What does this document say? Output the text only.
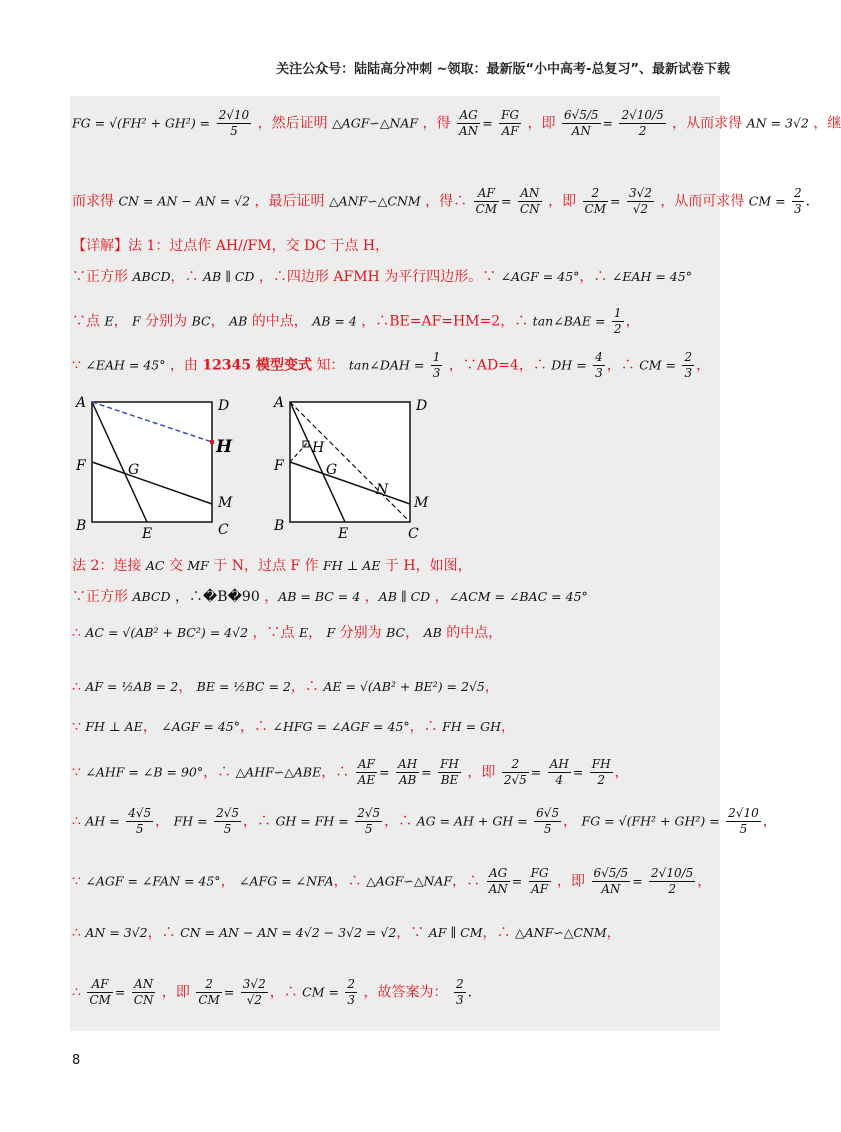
关注公众号：陆陆高分冲刺 ~领取：最新版“小中高考-总复习”、最新试卷下载
FG = $√(FH^2 + GH^2) = \frac{2√10}{5}$ ，然后证明 △AGF∽△NAF ，得 $\frac{AG}{AN} = \frac{FG}{AF}$ ，即 $\frac{6√5/5}{AN} = \frac{2√10/5}{2}$ ，从而求得 AN = 3√2 ，继
而求得 CN = AN − AN = √2 ，最后证明 △ANF∽△CNM ，得∴ $\frac{AF}{CM} = \frac{AN}{CN}$ ，即 $\frac{2}{CM} = \frac{3√2}{√2}$ ，从而可求得 CM = $\frac{2}{3}$ .
【详解】法 1：过点作 AH//FM，交 DC 于点 H，
∵正方形 ABCD，∴ AB ∥ CD ，∴四边形 AFMH 为平行四边形。∵ ∠AGF = 45°，∴ ∠EAH = 45°
∵点 E， F 分别为 BC， AB 的中点， AB = 4 ，∴BE=AF=HM=2，∴ tan∠BAE = $\frac{1}{2}$ ，
∵ ∠EAH = 45° ，由 12345 模型变式 知： tan∠DAH = $\frac{1}{3}$ ，∵AD=4，∴ DH = $\frac{4}{3}$ ，∴ CM = $\frac{2}{3}$ ，
A	D
H
F	G
M
B	E	C
A	D
H
F	G
N
M
B	E	C
法 2：连接 AC 交 MF 于 N，过点 F 作 FH ⊥ AE 于 H，如图，
∵正方形 ABCD ，∴�B�90 ，AB = BC = 4 ，AB ∥ CD ，∠ACM = ∠BAC = 45°
∴ AC = √(AB² + BC²) = 4√2 ，∵点 E， F 分别为 BC， AB 的中点，
∴ AF = ½AB = 2， BE = ½BC = 2，∴ AE = √(AB² + BE²) = 2√5，
∵ FH ⊥ AE， ∠AGF = 45°，∴ ∠HFG = ∠AGF = 45°，∴ FH = GH，
∵ ∠AHF = ∠B = 90°，∴ △AHF∽△ABE，∴ $\frac{AF}{AE} = \frac{AH}{AB} = \frac{FH}{BE}$ ，即 $\frac{2}{2√5} = \frac{AH}{4} = \frac{FH}{2}$ ，
∴ AH = $\frac{4√5}{5}$ ， FH = $\frac{2√5}{5}$ ，∴ GH = FH = $\frac{2√5}{5}$ ，∴ AG = AH + GH = $\frac{6√5}{5}$ ， FG = $√(FH^2 + GH^2) = \frac{2√10}{5}$ ，
∵ ∠AGF = ∠FAN = 45°， ∠AFG = ∠NFA，∴ △AGF∽△NAF，∴ $\frac{AG}{AN} = \frac{FG}{AF}$ ，即 $\frac{6√5/5}{AN} = \frac{2√10/5}{2}$ ，
∴ AN = 3√2，∴ CN = AN − AN = 4√2 − 3√2 = √2，∵ AF ∥ CM，∴ △ANF∽△CNM，
∴ $\frac{AF}{CM} = \frac{AN}{CN}$ ，即 $\frac{2}{CM} = \frac{3√2}{√2}$ ，∴ CM = $\frac{2}{3}$ ，故答案为： $\frac{2}{3}$ .
8
